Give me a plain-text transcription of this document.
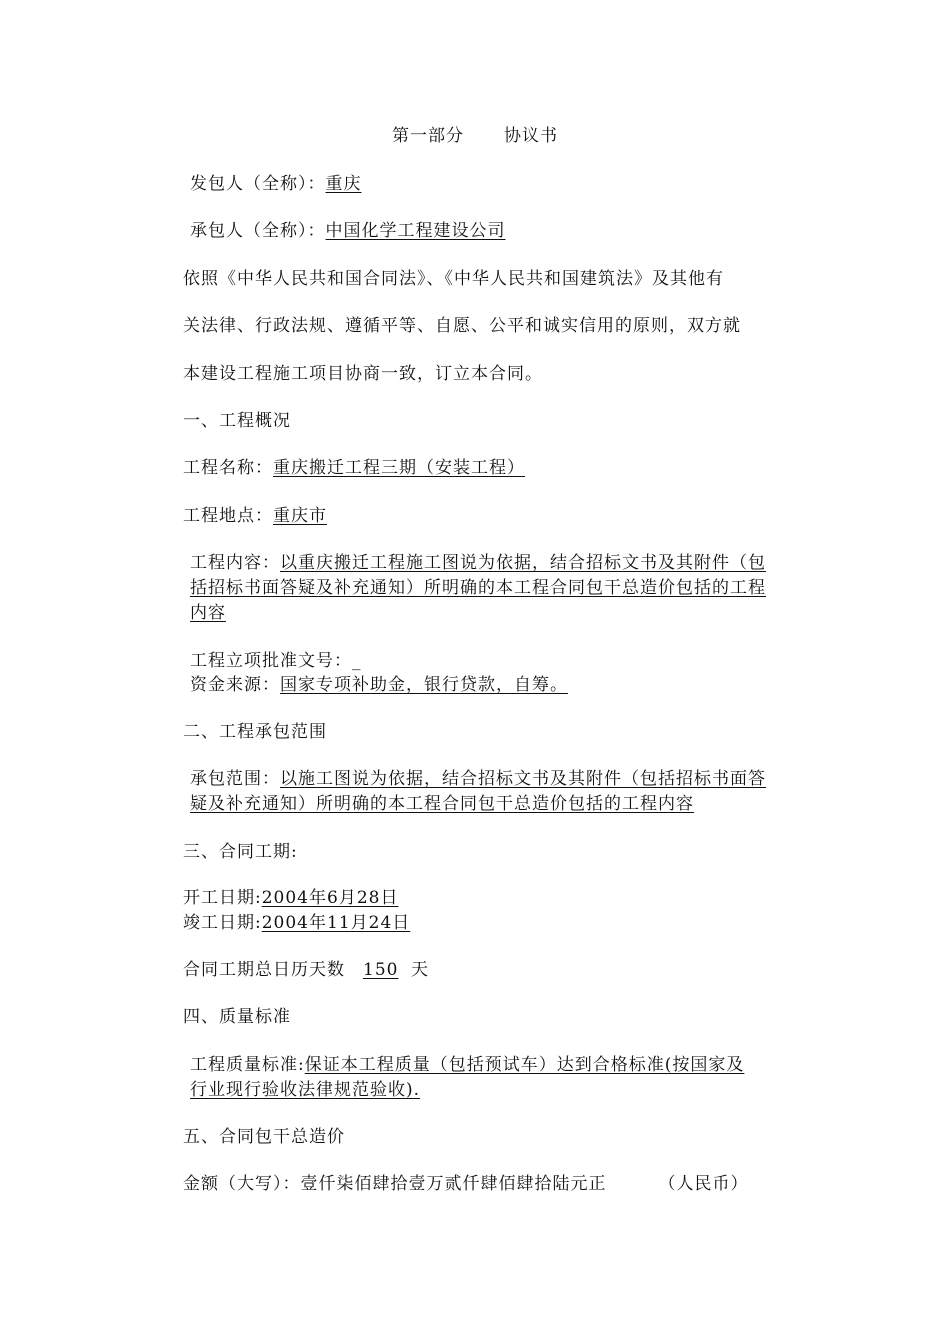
第一部分 协议书
发包人（全称）：重庆
承包人（全称）：中国化学工程建设公司
依照《中华人民共和国合同法》、《中华人民共和国建筑法》及其他有
关法律、行政法规、遵循平等、自愿、公平和诚实信用的原则，双方就
本建设工程施工项目协商一致，订立本合同。
一、工程概况
工程名称：重庆搬迁工程三期（安装工程）
工程地点：重庆市
工程内容：以重庆搬迁工程施工图说为依据，结合招标文书及其附件（包
括招标书面答疑及补充通知）所明确的本工程合同包干总造价包括的工程
内容
工程立项批准文号：_
资金来源：国家专项补助金，银行贷款，自筹。
二、工程承包范围
承包范围：以施工图说为依据，结合招标文书及其附件（包括招标书面答
疑及补充通知）所明确的本工程合同包干总造价包括的工程内容
三、合同工期:
开工日期:2004年6月28日
竣工日期:2004年11月24日
合同工期总日历天数 150 天
四、质量标准
工程质量标准:保证本工程质量（包括预试车）达到合格标准(按国家及
行业现行验收法律规范验收).
五、合同包干总造价
金额（大写）：壹仟柒佰肆拾壹万贰仟肆佰肆拾陆元正	（人民币）
